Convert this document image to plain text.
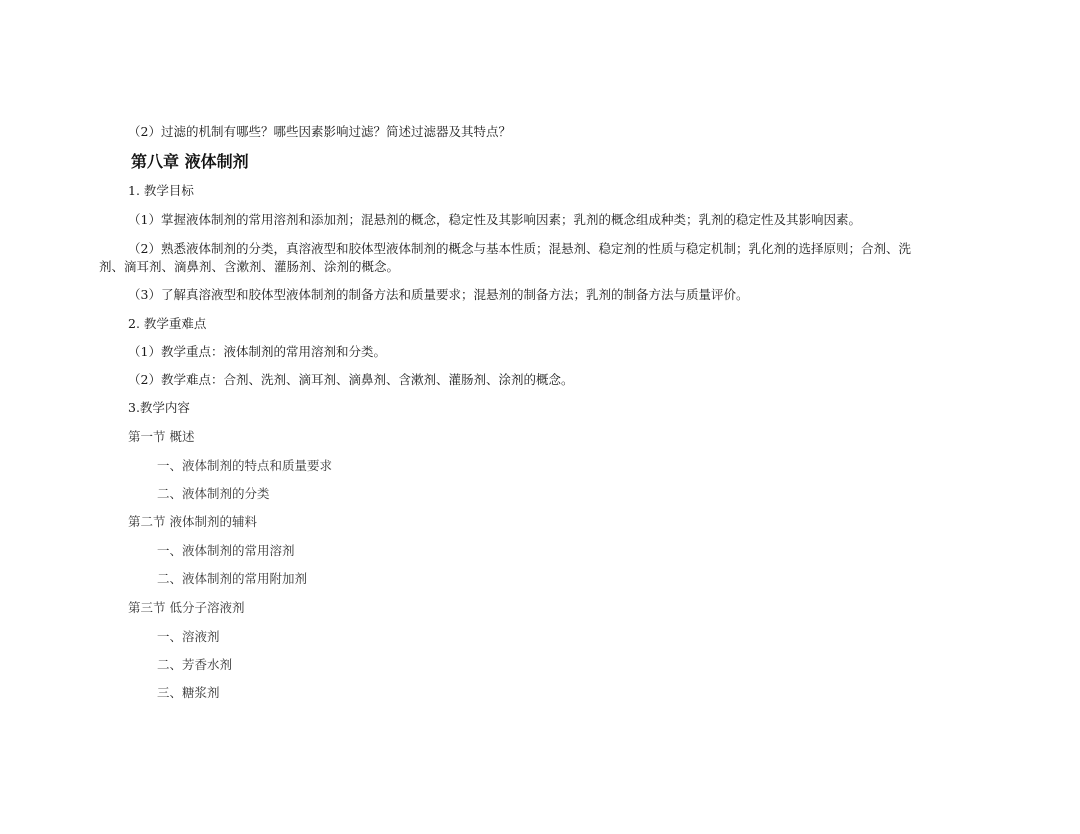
（2）过滤的机制有哪些？哪些因素影响过滤？简述过滤器及其特点？
第八章 液体制剂
1. 教学目标
（1）掌握液体制剂的常用溶剂和添加剂；混悬剂的概念，稳定性及其影响因素；乳剂的概念组成种类；乳剂的稳定性及其影响因素。
（2）熟悉液体制剂的分类，真溶液型和胶体型液体制剂的概念与基本性质；混悬剂、稳定剂的性质与稳定机制；乳化剂的选择原则；合剂、洗
剂、滴耳剂、滴鼻剂、含漱剂、灌肠剂、涂剂的概念。
（3）了解真溶液型和胶体型液体制剂的制备方法和质量要求；混悬剂的制备方法；乳剂的制备方法与质量评价。
2. 教学重难点
（1）教学重点：液体制剂的常用溶剂和分类。
（2）教学难点：合剂、洗剂、滴耳剂、滴鼻剂、含漱剂、灌肠剂、涂剂的概念。
3.教学内容
第一节 概述
一、液体制剂的特点和质量要求
二、液体制剂的分类
第二节 液体制剂的辅料
一、液体制剂的常用溶剂
二、液体制剂的常用附加剂
第三节 低分子溶液剂
一、溶液剂
二、芳香水剂
三、糖浆剂
